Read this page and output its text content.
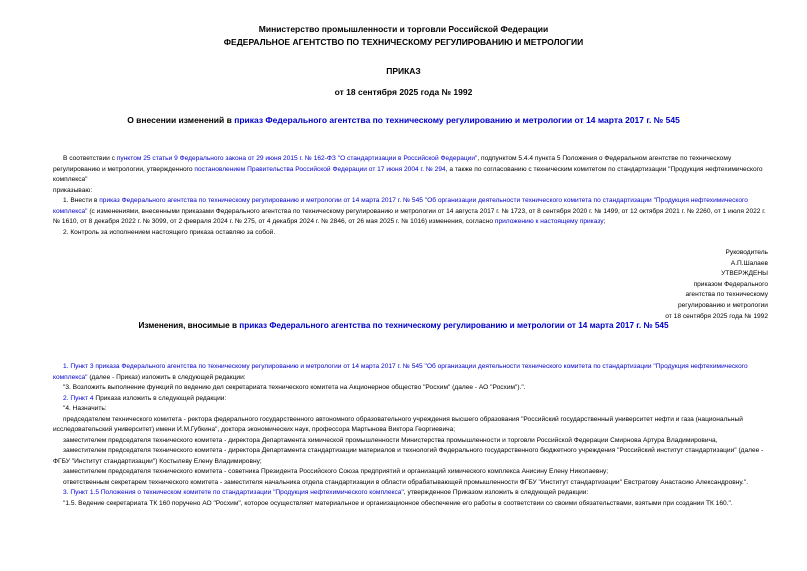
Министерство промышленности и торговли Российской Федерации
ФЕДЕРАЛЬНОЕ АГЕНТСТВО ПО ТЕХНИЧЕСКОМУ РЕГУЛИРОВАНИЮ И МЕТРОЛОГИИ
ПРИКАЗ
от 18 сентября 2025 года № 1992
О внесении изменений в приказ Федерального агентства по техническому регулированию и метрологии от 14 марта 2017 г. № 545

В соответствии с пунктом 25 статьи 9 Федерального закона от 29 июня 2015 г. № 162-ФЗ "О стандартизации в Российской Федерации", подпунктом 5.4.4 пункта 5 Положения о Федеральном агентстве по техническому регулированию и метрологии, утвержденного постановлением Правительства Российской Федерации от 17 июня 2004 г. № 294, а также по согласованию с техническим комитетом по стандартизации "Продукция нефтехимического комплекса"

приказываю:

1. Внести в приказ Федерального агентства по техническому регулированию и метрологии от 14 марта 2017 г. № 545 "Об организации деятельности технического комитета по стандартизации "Продукция нефтехимического комплекса" (с изменениями, внесенными приказами Федерального агентства по техническому регулированию и метрологии от 14 августа 2017 г. № 1723, от 8 сентября 2020 г. № 1499, от 12 октября 2021 г. № 2260, от 1 июля 2022 г. № 1610, от 8 декабря 2022 г. № 3099, от 2 февраля 2024 г. № 275, от 4 декабря 2024 г. № 2846, от 26 мая 2025 г. № 1016) изменения, согласно приложению к настоящему приказу;

2. Контроль за исполнением настоящего приказа оставляю за собой.

Руководитель
А.П.Шалаев
УТВЕРЖДЕНЫ
приказом Федерального
агентства по техническому
регулированию и метрологии
от 18 сентября 2025 года № 1992
Изменения, вносимые в приказ Федерального агентства по техническому регулированию и метрологии от 14 марта 2017 г. № 545

1. Пункт 3 приказа Федерального агентства по техническому регулированию и метрологии от 14 марта 2017 г. № 545 "Об организации деятельности технического комитета по стандартизации "Продукция нефтехимического комплекса" (далее - Приказ) изложить в следующей редакции:

"3. Возложить выполнение функций по ведению дел секретариата технического комитета на Акционерное общество "Росхим" (далее - АО "Росхим").".

2. Пункт 4 Приказа изложить в следующей редакции:

"4. Назначить:

председателем технического комитета - ректора федерального государственного автономного образовательного учреждения высшего образования "Российский государственный университет нефти и газа (национальный исследовательский университет) имени И.М.Губкина", доктора экономических наук, профессора Мартынова Виктора Георгиевича;

заместителем председателя технического комитета - директора Департамента химической промышленности Министерства промышленности и торговли Российской Федерации Смирнова Артура Владимировича,

заместителем председателя технического комитета - директора Департамента стандартизации материалов и технологий Федерального государственного бюджетного учреждения "Российский институт стандартизации" (далее - ФГБУ "Институт стандартизации") Костылеву Елену Владимировну;

заместителем председателя технического комитета - советника Президента Российского Союза предприятий и организаций химического комплекса Анисину Елену Николаевну;

ответственным секретарем технического комитета - заместителя начальника отдела стандартизации в области обрабатывающей промышленности ФГБУ "Институт стандартизации" Евстратову Анастасию Александровну.".

3. Пункт 1.5 Положения о техническом комитете по стандартизации "Продукция нефтехимического комплекса", утвержденное Приказом изложить в следующей редакции:

"1.5. Ведение секретариата ТК 160 поручено АО "Росхим", которое осуществляет материальное и организационное обеспечение его работы в соответствии со своими обязательствами, взятыми при создании ТК 160.".
